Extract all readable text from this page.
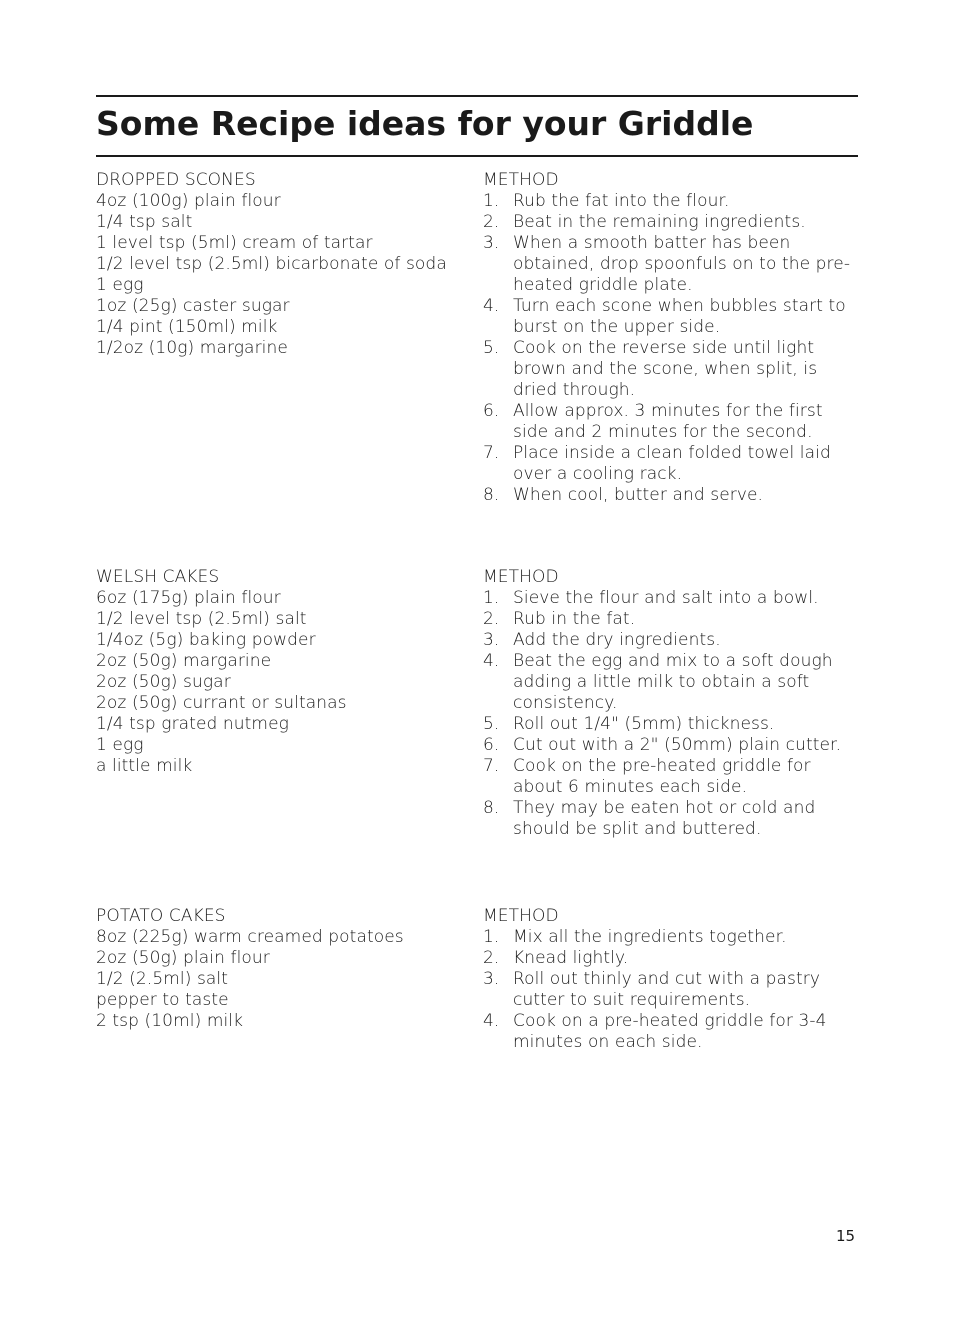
Some Recipe ideas for your Griddle
DROPPED SCONES
4oz (100g) plain flour
1/4 tsp salt
1 level tsp (5ml) cream of tartar
1/2 level tsp (2.5ml) bicarbonate of soda
1 egg
1oz (25g) caster sugar
1/4 pint (150ml) milk
1/2oz (10g) margarine
METHOD
1. Rub the fat into the flour.
2. Beat in the remaining ingredients.
3. When a smooth batter has been obtained, drop spoonfuls on to the pre-heated griddle plate.
4. Turn each scone when bubbles start to burst on the upper side.
5. Cook on the reverse side until light brown and the scone, when split, is dried through.
6. Allow approx. 3 minutes for the first side and 2 minutes for the second.
7. Place inside a clean folded towel laid over a cooling rack.
8. When cool, butter and serve.
WELSH CAKES
6oz (175g) plain flour
1/2 level tsp (2.5ml) salt
1/4oz (5g) baking powder
2oz (50g) margarine
2oz (50g) sugar
2oz (50g) currant or sultanas
1/4 tsp grated nutmeg
1 egg
a little milk
METHOD
1. Sieve the flour and salt into a bowl.
2. Rub in the fat.
3. Add the dry ingredients.
4. Beat the egg and mix to a soft dough adding a little milk to obtain a soft consistency.
5. Roll out 1/4" (5mm) thickness.
6. Cut out with a 2" (50mm) plain cutter.
7. Cook on the pre-heated griddle for about 6 minutes each side.
8. They may be eaten hot or cold and should be split and buttered.
POTATO CAKES
8oz (225g) warm creamed potatoes
2oz (50g) plain flour
1/2 (2.5ml) salt
pepper to taste
2 tsp (10ml) milk
METHOD
1. Mix all the ingredients together.
2. Knead lightly.
3. Roll out thinly and cut with a pastry cutter to suit requirements.
4. Cook on a pre-heated griddle for 3-4 minutes on each side.
15
